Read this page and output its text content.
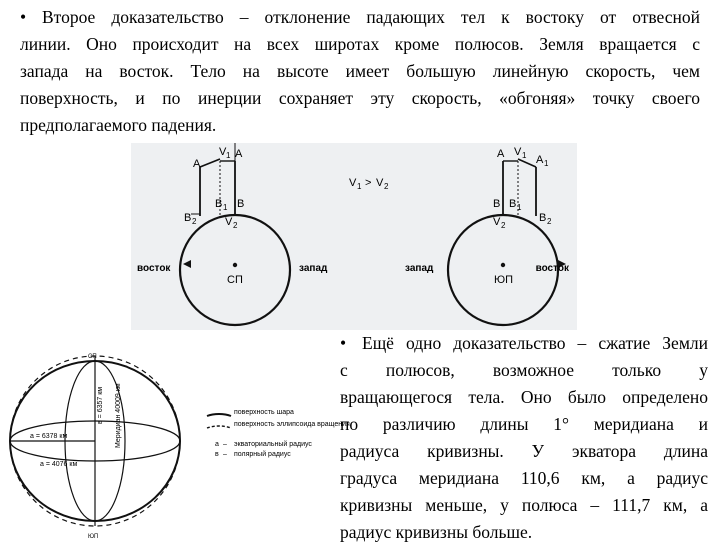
• Второе доказательство – отклонение падающих тел к востоку от отвесной
линии. Оно происходит на всех широтах кроме полюсов. Земля вращается с
запада на восток. Тело на высоте имеет большую линейную скорость, чем
поверхность, и по инерции сохраняет эту скорость, «обгоняя» точку своего
предполагаемого падения.

A
V 1 A
B 1 B
B 2	V 2
восток	запад
СП
V 1 > V 2
A V 1 A 1
B B 1
B 2
V 2
запад	восток
ЮП
СП
ЮП
a = 6378 км
а = 4076 км
в = 6357 км Меридиан 40009 км	поверхность шара
поверхность эллипсоида вращения
а – экваториальный радиус
в – полярный радиус

• Ещё одно доказательство – сжатие Земли
с полюсов, возможное только у
вращающегося тела. Оно было определено
по различию длины 1° меридиана и
радиуса кривизны. У экватора длина
градуса меридиана 110,6 км, а радиус
кривизны меньше, у полюса – 111,7 км, а
радиус кривизны больше.
